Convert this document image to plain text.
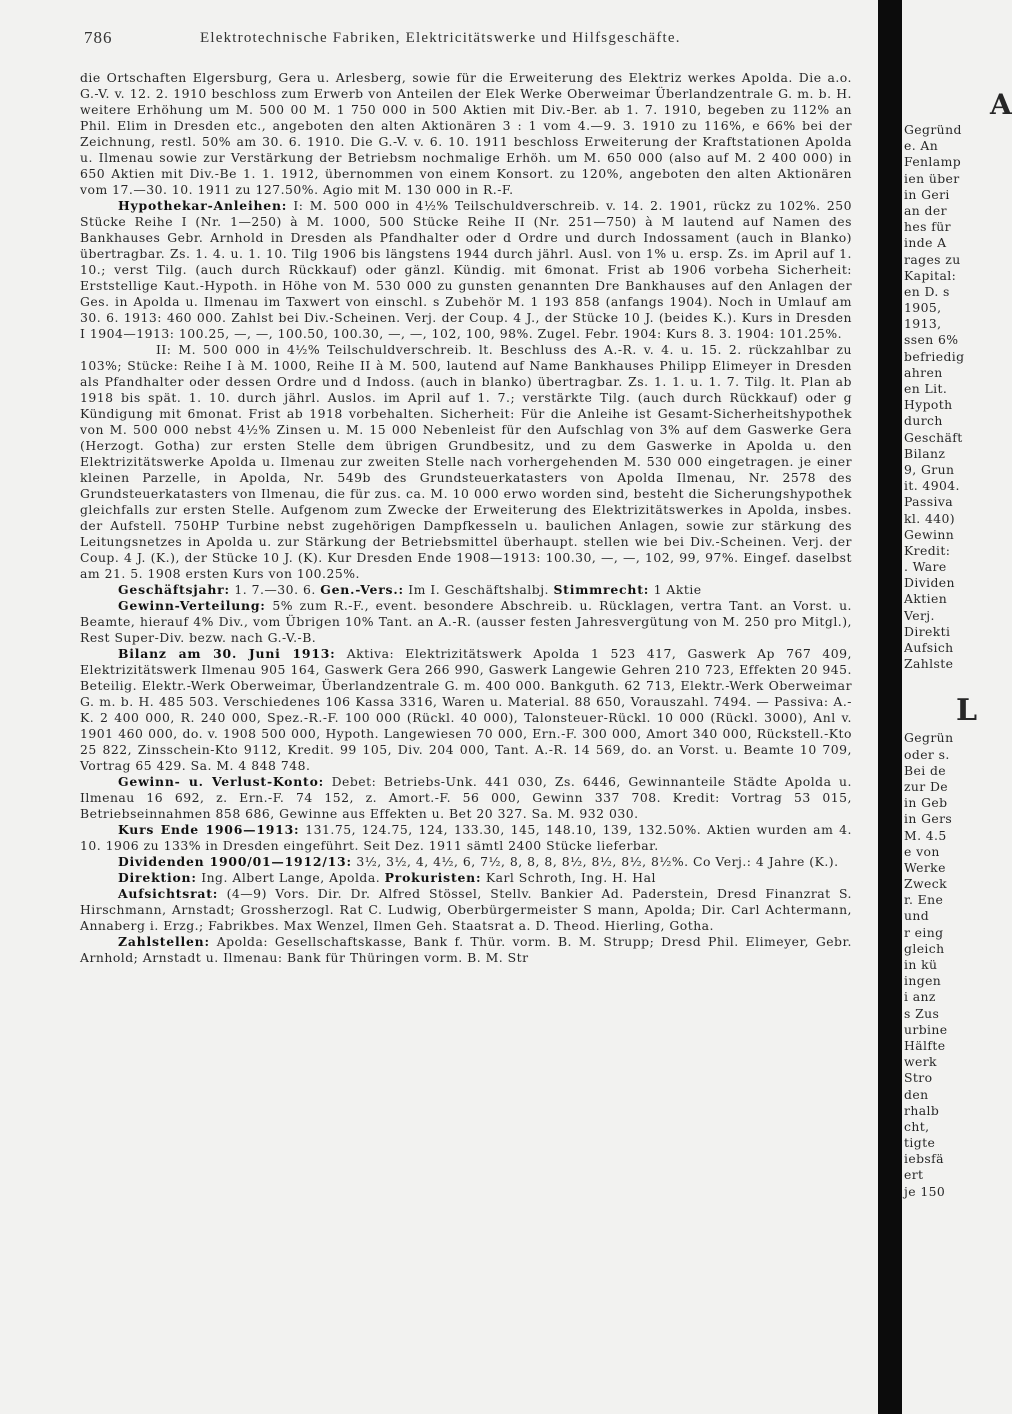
786	Elektrotechnische Fabriken, Elektricitätswerke und Hilfsgeschäfte.

die Ortschaften Elgersburg, Gera u. Arlesberg, sowie für die Erweiterung des Elektriz werkes Apolda. Die a.o. G.-V. v. 12. 2. 1910 beschloss zum Erwerb von Anteilen der Elek Werke Oberweimar Überlandzentrale G. m. b. H. weitere Erhöhung um M. 500 00 M. 1 750 000 in 500 Aktien mit Div.-Ber. ab 1. 7. 1910, begeben zu 112% an Phil. Elim in Dresden etc., angeboten den alten Aktionären 3 : 1 vom 4.—9. 3. 1910 zu 116%, e 66% bei der Zeichnung, restl. 50% am 30. 6. 1910. Die G.-V. v. 6. 10. 1911 beschloss Erweiterung der Kraftstationen Apolda u. Ilmenau sowie zur Verstärkung der Betriebsm nochmalige Erhöh. um M. 650 000 (also auf M. 2 400 000) in 650 Aktien mit Div.-Be 1. 1. 1912, übernommen von einem Konsort. zu 120%, angeboten den alten Aktionären vom 17.—30. 10. 1911 zu 127.50%. Agio mit M. 130 000 in R.-F.

Hypothekar-Anleihen: I: M. 500 000 in 4½% Teilschuldverschreib. v. 14. 2. 1901, rückz zu 102%. 250 Stücke Reihe I (Nr. 1—250) à M. 1000, 500 Stücke Reihe II (Nr. 251—750) à M lautend auf Namen des Bankhauses Gebr. Arnhold in Dresden als Pfandhalter oder d Ordre und durch Indossament (auch in Blanko) übertragbar. Zs. 1. 4. u. 1. 10. Tilg 1906 bis längstens 1944 durch jährl. Ausl. von 1% u. ersp. Zs. im April auf 1. 10.; verst Tilg. (auch durch Rückkauf) oder gänzl. Kündig. mit 6monat. Frist ab 1906 vorbeha Sicherheit: Erststellige Kaut.-Hypoth. in Höhe von M. 530 000 zu gunsten genannten Dre Bankhauses auf den Anlagen der Ges. in Apolda u. Ilmenau im Taxwert von einschl. s Zubehör M. 1 193 858 (anfangs 1904). Noch in Umlauf am 30. 6. 1913: 460 000. Zahlst bei Div.-Scheinen. Verj. der Coup. 4 J., der Stücke 10 J. (beides K.). Kurs in Dresden I 1904—1913: 100.25, —, —, 100.50, 100.30, —, —, 102, 100, 98%. Zugel. Febr. 1904: Kurs 8. 3. 1904: 101.25%.

II: M. 500 000 in 4½% Teilschuldverschreib. lt. Beschluss des A.-R. v. 4. u. 15. 2. rückzahlbar zu 103%; Stücke: Reihe I à M. 1000, Reihe II à M. 500, lautend auf Name Bankhauses Philipp Elimeyer in Dresden als Pfandhalter oder dessen Ordre und d Indoss. (auch in blanko) übertragbar. Zs. 1. 1. u. 1. 7. Tilg. lt. Plan ab 1918 bis spät. 1. 10. durch jährl. Auslos. im April auf 1. 7.; verstärkte Tilg. (auch durch Rückkauf) oder g Kündigung mit 6monat. Frist ab 1918 vorbehalten. Sicherheit: Für die Anleihe ist Gesamt-Sicherheitshypothek von M. 500 000 nebst 4½% Zinsen u. M. 15 000 Nebenleist für den Aufschlag von 3% auf dem Gaswerke Gera (Herzogt. Gotha) zur ersten Stelle dem übrigen Grundbesitz, und zu dem Gaswerke in Apolda u. den Elektrizitätswerke Apolda u. Ilmenau zur zweiten Stelle nach vorhergehenden M. 530 000 eingetragen. je einer kleinen Parzelle, in Apolda, Nr. 549b des Grundsteuerkatasters von Apolda Ilmenau, Nr. 2578 des Grundsteuerkatasters von Ilmenau, die für zus. ca. M. 10 000 erwo worden sind, besteht die Sicherungshypothek gleichfalls zur ersten Stelle. Aufgenom zum Zwecke der Erweiterung des Elektrizitätswerkes in Apolda, insbes. der Aufstell. 750HP Turbine nebst zugehörigen Dampfkesseln u. baulichen Anlagen, sowie zur stärkung des Leitungsnetzes in Apolda u. zur Stärkung der Betriebsmittel überhaupt. stellen wie bei Div.-Scheinen. Verj. der Coup. 4 J. (K.), der Stücke 10 J. (K). Kur Dresden Ende 1908—1913: 100.30, —, —, 102, 99, 97%. Eingef. daselbst am 21. 5. 1908 ersten Kurs von 100.25%.

Geschäftsjahr: 1. 7.—30. 6. Gen.-Vers.: Im I. Geschäftshalbj. Stimmrecht: 1 Aktie

Gewinn-Verteilung: 5% zum R.-F., event. besondere Abschreib. u. Rücklagen, vertra Tant. an Vorst. u. Beamte, hierauf 4% Div., vom Übrigen 10% Tant. an A.-R. (ausser festen Jahresvergütung von M. 250 pro Mitgl.), Rest Super-Div. bezw. nach G.-V.-B.

Bilanz am 30. Juni 1913: Aktiva: Elektrizitätswerk Apolda 1 523 417, Gaswerk Ap 767 409, Elektrizitätswerk Ilmenau 905 164, Gaswerk Gera 266 990, Gaswerk Langewie Gehren 210 723, Effekten 20 945. Beteilig. Elektr.-Werk Oberweimar, Überlandzentrale G. m. 400 000. Bankguth. 62 713, Elektr.-Werk Oberweimar G. m. b. H. 485 503. Verschiedenes 106 Kassa 3316, Waren u. Material. 88 650, Vorauszahl. 7494. — Passiva: A.-K. 2 400 000, R. 240 000, Spez.-R.-F. 100 000 (Rückl. 40 000), Talonsteuer-Rückl. 10 000 (Rückl. 3000), Anl v. 1901 460 000, do. v. 1908 500 000, Hypoth. Langewiesen 70 000, Ern.-F. 300 000, Amort 340 000, Rückstell.-Kto 25 822, Zinsschein-Kto 9112, Kredit. 99 105, Div. 204 000, Tant. A.-R. 14 569, do. an Vorst. u. Beamte 10 709, Vortrag 65 429. Sa. M. 4 848 748.

Gewinn- u. Verlust-Konto: Debet: Betriebs-Unk. 441 030, Zs. 6446, Gewinnanteile Städte Apolda u. Ilmenau 16 692, z. Ern.-F. 74 152, z. Amort.-F. 56 000, Gewinn 337 708. Kredit: Vortrag 53 015, Betriebseinnahmen 858 686, Gewinne aus Effekten u. Bet 20 327. Sa. M. 932 030.

Kurs Ende 1906—1913: 131.75, 124.75, 124, 133.30, 145, 148.10, 139, 132.50%. Aktien wurden am 4. 10. 1906 zu 133% in Dresden eingeführt. Seit Dez. 1911 sämtl 2400 Stücke lieferbar.

Dividenden 1900/01—1912/13: 3½, 3½, 4, 4½, 6, 7½, 8, 8, 8, 8½, 8½, 8½, 8½%. Co Verj.: 4 Jahre (K.).

Direktion: Ing. Albert Lange, Apolda. Prokuristen: Karl Schroth, Ing. H. Hal

Aufsichtsrat: (4—9) Vors. Dir. Dr. Alfred Stössel, Stellv. Bankier Ad. Paderstein, Dresd Finanzrat S. Hirschmann, Arnstadt; Grossherzogl. Rat C. Ludwig, Oberbürgermeister S mann, Apolda; Dir. Carl Achtermann, Annaberg i. Erzg.; Fabrikbes. Max Wenzel, Ilmen Geh. Staatsrat a. D. Theod. Hierling, Gotha.

Zahlstellen: Apolda: Gesellschaftskasse, Bank f. Thür. vorm. B. M. Strupp; Dresd Phil. Elimeyer, Gebr. Arnhold; Arnstadt u. Ilmenau: Bank für Thüringen vorm. B. M. Str

A
Gegründ
e. An
Fenlamp
ien über
in Geri
an der
hes für
inde A
rages zu
Kapital:
en D. s
1905,
1913,
ssen 6%
befriedig
ahren
en Lit.
Hypoth
durch
Geschäft
Bilanz
9, Grun
it. 4904.
Passiva
kl. 440)
Gewinn
Kredit:
. Ware
Dividen
Aktien
Verj.
Direkti
Aufsich
Zahlste
L
Gegrün
oder s.
Bei de
zur De
in Geb
in Gers
M. 4.5
e von
Werke
Zweck
r. Ene
und
r eing
gleich
in kü
ingen
i anz
s Zus
urbine
Hälfte
werk
Stro
den
rhalb
cht,
tigte
iebsfä
ert
je 150
